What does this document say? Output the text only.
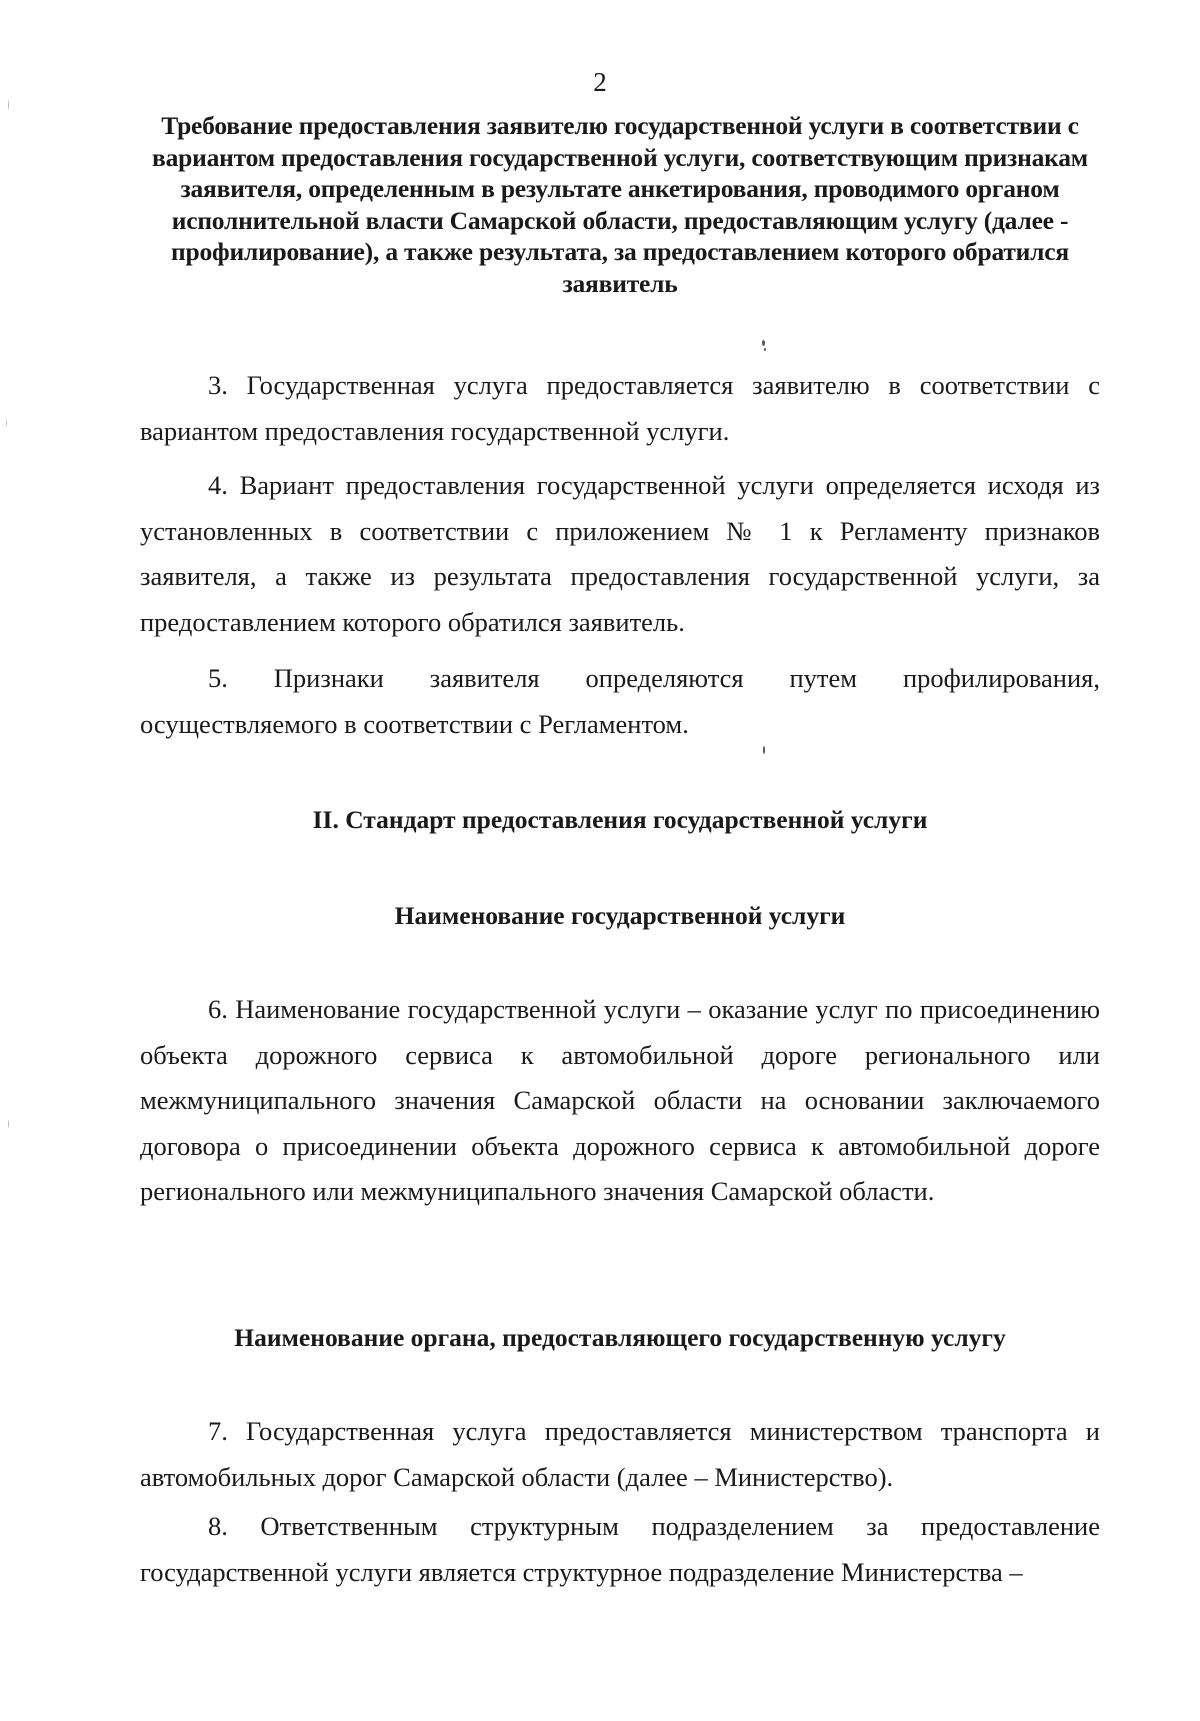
2
Требование предоставления заявителю государственной услуги в соответствии с вариантом предоставления государственной услуги, соответствующим признакам заявителя, определенным в результате анкетирования, проводимого органом исполнительной власти Самарской области, предоставляющим услугу (далее - профилирование), а также результата, за предоставлением которого обратился заявитель
3. Государственная услуга предоставляется заявителю в соответствии с вариантом предоставления государственной услуги.
4. Вариант предоставления государственной услуги определяется исходя из установленных в соответствии с приложением № 1 к Регламенту признаков заявителя, а также из результата предоставления государственной услуги, за предоставлением которого обратился заявитель.
5. Признаки заявителя определяются путем профилирования, осуществляемого в соответствии с Регламентом.
II. Стандарт предоставления государственной услуги
Наименование государственной услуги
6. Наименование государственной услуги – оказание услуг по присоединению объекта дорожного сервиса к автомобильной дороге регионального или межмуниципального значения Самарской области на основании заключаемого договора о присоединении объекта дорожного сервиса к автомобильной дороге регионального или межмуниципального значения Самарской области.
Наименование органа, предоставляющего государственную услугу
7. Государственная услуга предоставляется министерством транспорта и автомобильных дорог Самарской области (далее – Министерство).
8. Ответственным структурным подразделением за предоставление государственной услуги является структурное подразделение Министерства –
